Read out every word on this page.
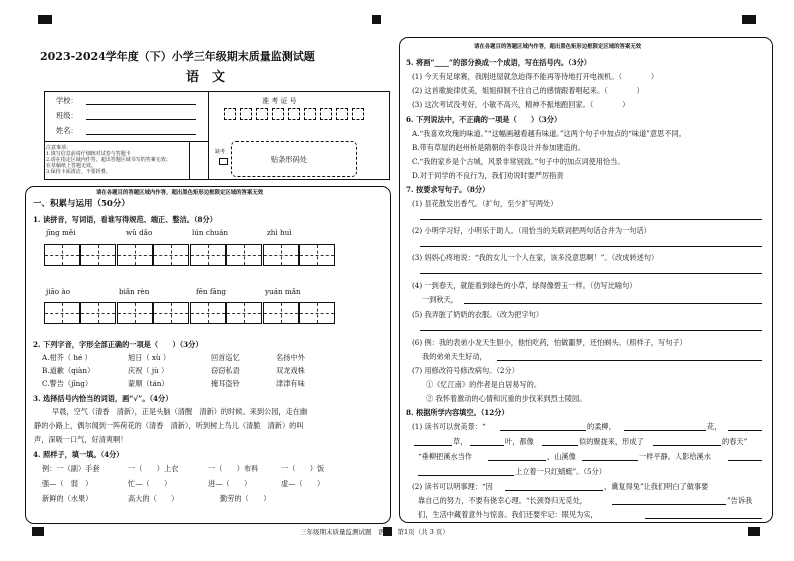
2023-2024学年度（下）小学三年级期末质量监测试题
语　文
学校：
班级：
姓名：
准 考 证 号
缺考
贴条形码处
注意事项：
1.填写信息前请仔细核对试卷与答题卡
2.请在指定区域内作答，超出答题区域书写的答案无效；
在草稿纸上答题无效。
3.保持卡面清洁，不要折叠。
请在各题目的答题区域内作答，超出黑色矩形边框限定区域的答案无效
一、积累与运用（50分）
1. 读拼音，写词语，看谁写得规范、端正、整洁。（8分）
jīng měi	wǔ dǎo	lún chuán	zhì huì
jiāo ào	biǎn rèn	fēn fāng	yuán mǎn
2. 下列字音，字形全部正确的一项是（　　）（3分）
A.柑芥（ hé ）	旭日（ xù ）	回首巡忆	名扬中外
B.道歉（qiàn）	庆祝（ jù ）	窃窃私语	双龙戏株
C.警告（jǐng）	蒙顺（tán）	掩耳盗铃	津津有味
3. 选择括号内恰当的词语，画“√”。（4分）
早晨，空气（清香　清新），正是头脑（清醒　清新）的时候。来到公园，走在幽
静的小路上，偶尔闻到一阵荷花的（清香　清新），听到树上鸟儿（清脆　清新）的叫
声，深吸一口气，好清爽啊！
4. 照样子，填一填。（4分）
例：一（副）手套	一（　　）上衣	一（　　）布料	一（　　）饭
强—（　弱　）	忙—（　　）	进—（　　）	虚—（　　）
新鲜的（水果）	高大的（　　）	勤劳的（　　）
请在各题目的答题区域内作答，超出黑色矩形边框限定区域的答案无效
5. 将画“____”的部分换成一个成语，写在括号内。（3分）
(1) 今天有足球赛，我刚进屋就急迫得不能再等待地打开电视机。（　　　　）
(2) 这首歌旋律优美，姐姐抑制不住自己的感情跟着唱起来。（　　　　）
(3) 这次考试没考好，小敏不高兴，精神不振地跑回家。（　　　　）
6. 下列说法中，不正确的一项是（　　）（3分）
A.“我喜欢玫瑰的味道。”“这幅画越看越有味道。”这两个句子中加点的“味道”意思不同。
B.带有草屋的赵州桥是隋朝的李春设计并参加建造的。
C.“我的家乡是个古城，风景非常别致。”句子中的加点词使用恰当。
D.对于同学的不良行为，我们劝说时要严厉指责
7. 按要求写句子。（8分）
(1) 昙花散发出香气。（扩句，至少扩写两处）
(2) 小明学习好，小明乐于助人。（用恰当的关联词把两句话合并为一句话）
(3) 妈妈心疼地说：“我的女儿一个人在家，该多没意思啊！”。（改成转述句）
(4) 一到春天，就能看到绿色的小草，绿得像碧玉一样。（仿写比喻句）
一到秋天，
(5) 我弄脏了奶奶的衣服。（改为把字句）
(6) 例：我的表弟小龙天生胆小，他怕吃药，怕做噩梦，还怕剃头。（照样子，写句子）
我的弟弟天生好动，
(7) 用修改符号修改病句。（2分）
①《忆江南》的作者是白居易写的。
② 我怀着激动的心情和沉重的步伐来到烈士陵园。
8. 根据所学内容填空。（12分）
(1) 读书可以赏美景：“	的柔柳，	花，
草，	叶，都像	似的聚拢来，形成了	的春天”
“垂柳把溪水当作	，山溪像	一样平静。人影给溪水
上立着一只红蜻蜓”。（5分）
(2) 读书可以明事理：“因	，冀复得兔”让我们明白了做事要
靠自己的努力，不要有侥幸心理。“长颈脊归无觅处，	”告诉我
们，生活中藏着意外与惊喜。我们还要牢记：眼见为实，
三年级期末质量监测试题　语文　第1页（共 3 页）
